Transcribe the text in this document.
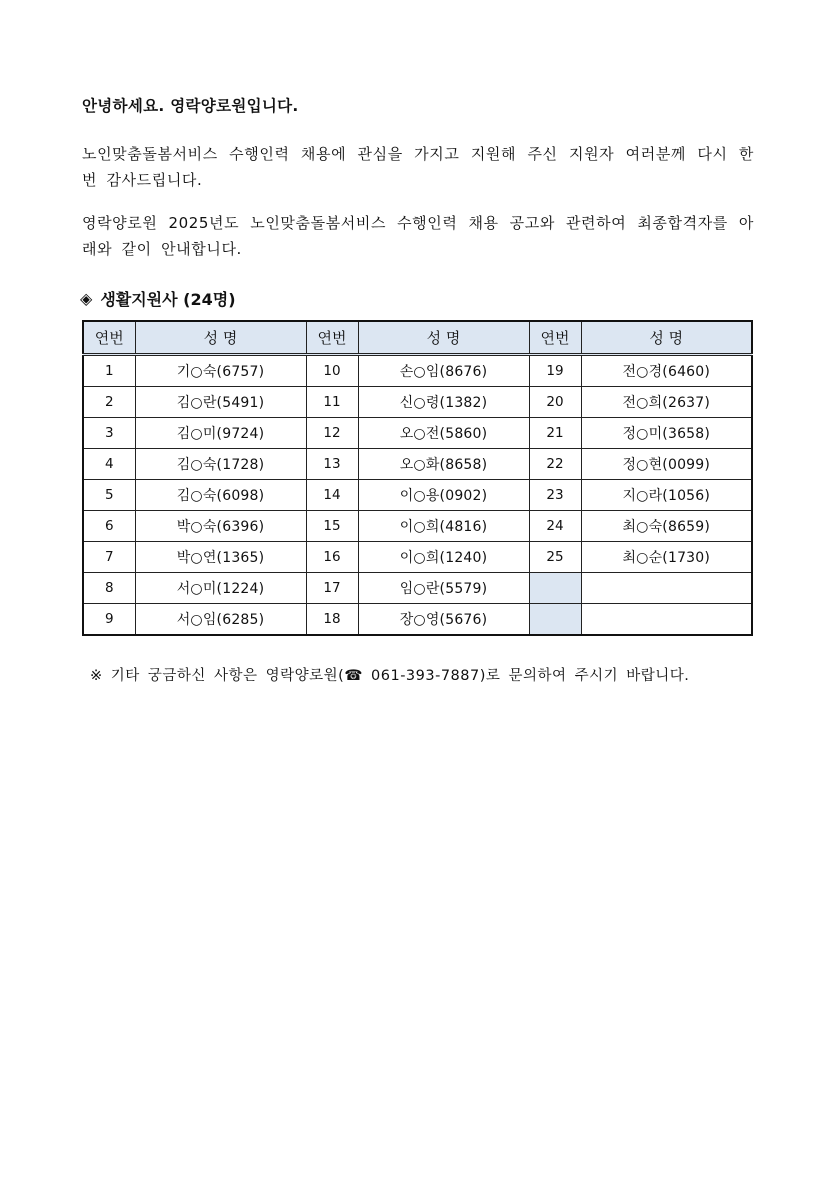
안녕하세요. 영락양로원입니다.

노인맞춤돌봄서비스 수행인력 채용에 관심을 가지고 지원해 주신 지원자 여러분께 다시 한 번 감사드립니다.

영락양로원 2025년도 노인맞춤돌봄서비스 수행인력 채용 공고와 관련하여 최종합격자를 아래와 같이 안내합니다.

◈ 생활지원사 (24명)
연번	성 명	연번	성 명	연번	성 명
1	기○숙(6757)	10	손○임(8676)	19	전○경(6460)
2	김○란(5491)	11	신○령(1382)	20	전○희(2637)
3	김○미(9724)	12	오○전(5860)	21	정○미(3658)
4	김○숙(1728)	13	오○화(8658)	22	정○현(0099)
5	김○숙(6098)	14	이○용(0902)	23	지○라(1056)
6	박○숙(6396)	15	이○희(4816)	24	최○숙(8659)
7	박○연(1365)	16	이○희(1240)	25	최○순(1730)
8	서○미(1224)	17	임○란(5579)		
9	서○임(6285)	18	장○영(5676)		

※ 기타 궁금하신 사항은 영락양로원(☎ 061-393-7887)로 문의하여 주시기 바랍니다.
